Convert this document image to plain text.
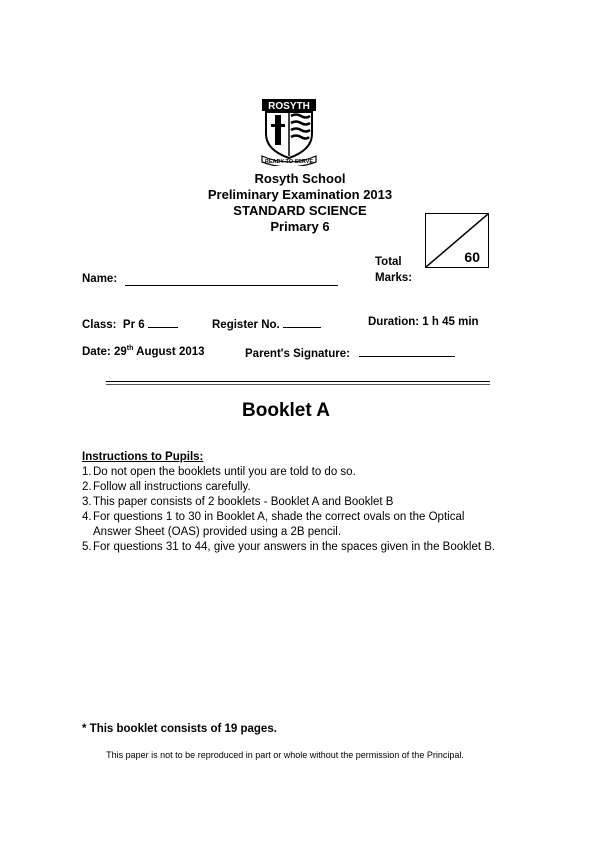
ROSYTH
READY TO SERVE
Rosyth School
Preliminary Examination 2013
STANDARD SCIENCE
Primary 6
Total
Marks:
60
Name:
Class: Pr 6	Register No.	Duration: 1 h 45 min
Date: 29th August 2013	Parent's Signature:
Booklet A
Instructions to Pupils:
1. Do not open the booklets until you are told to do so.
2. Follow all instructions carefully.
3. This paper consists of 2 booklets - Booklet A and Booklet B
4. For questions 1 to 30 in Booklet A, shade the correct ovals on the Optical Answer Sheet (OAS) provided using a 2B pencil.
5. For questions 31 to 44, give your answers in the spaces given in the Booklet B.
* This booklet consists of 19 pages.
This paper is not to be reproduced in part or whole without the permission of the Principal.
